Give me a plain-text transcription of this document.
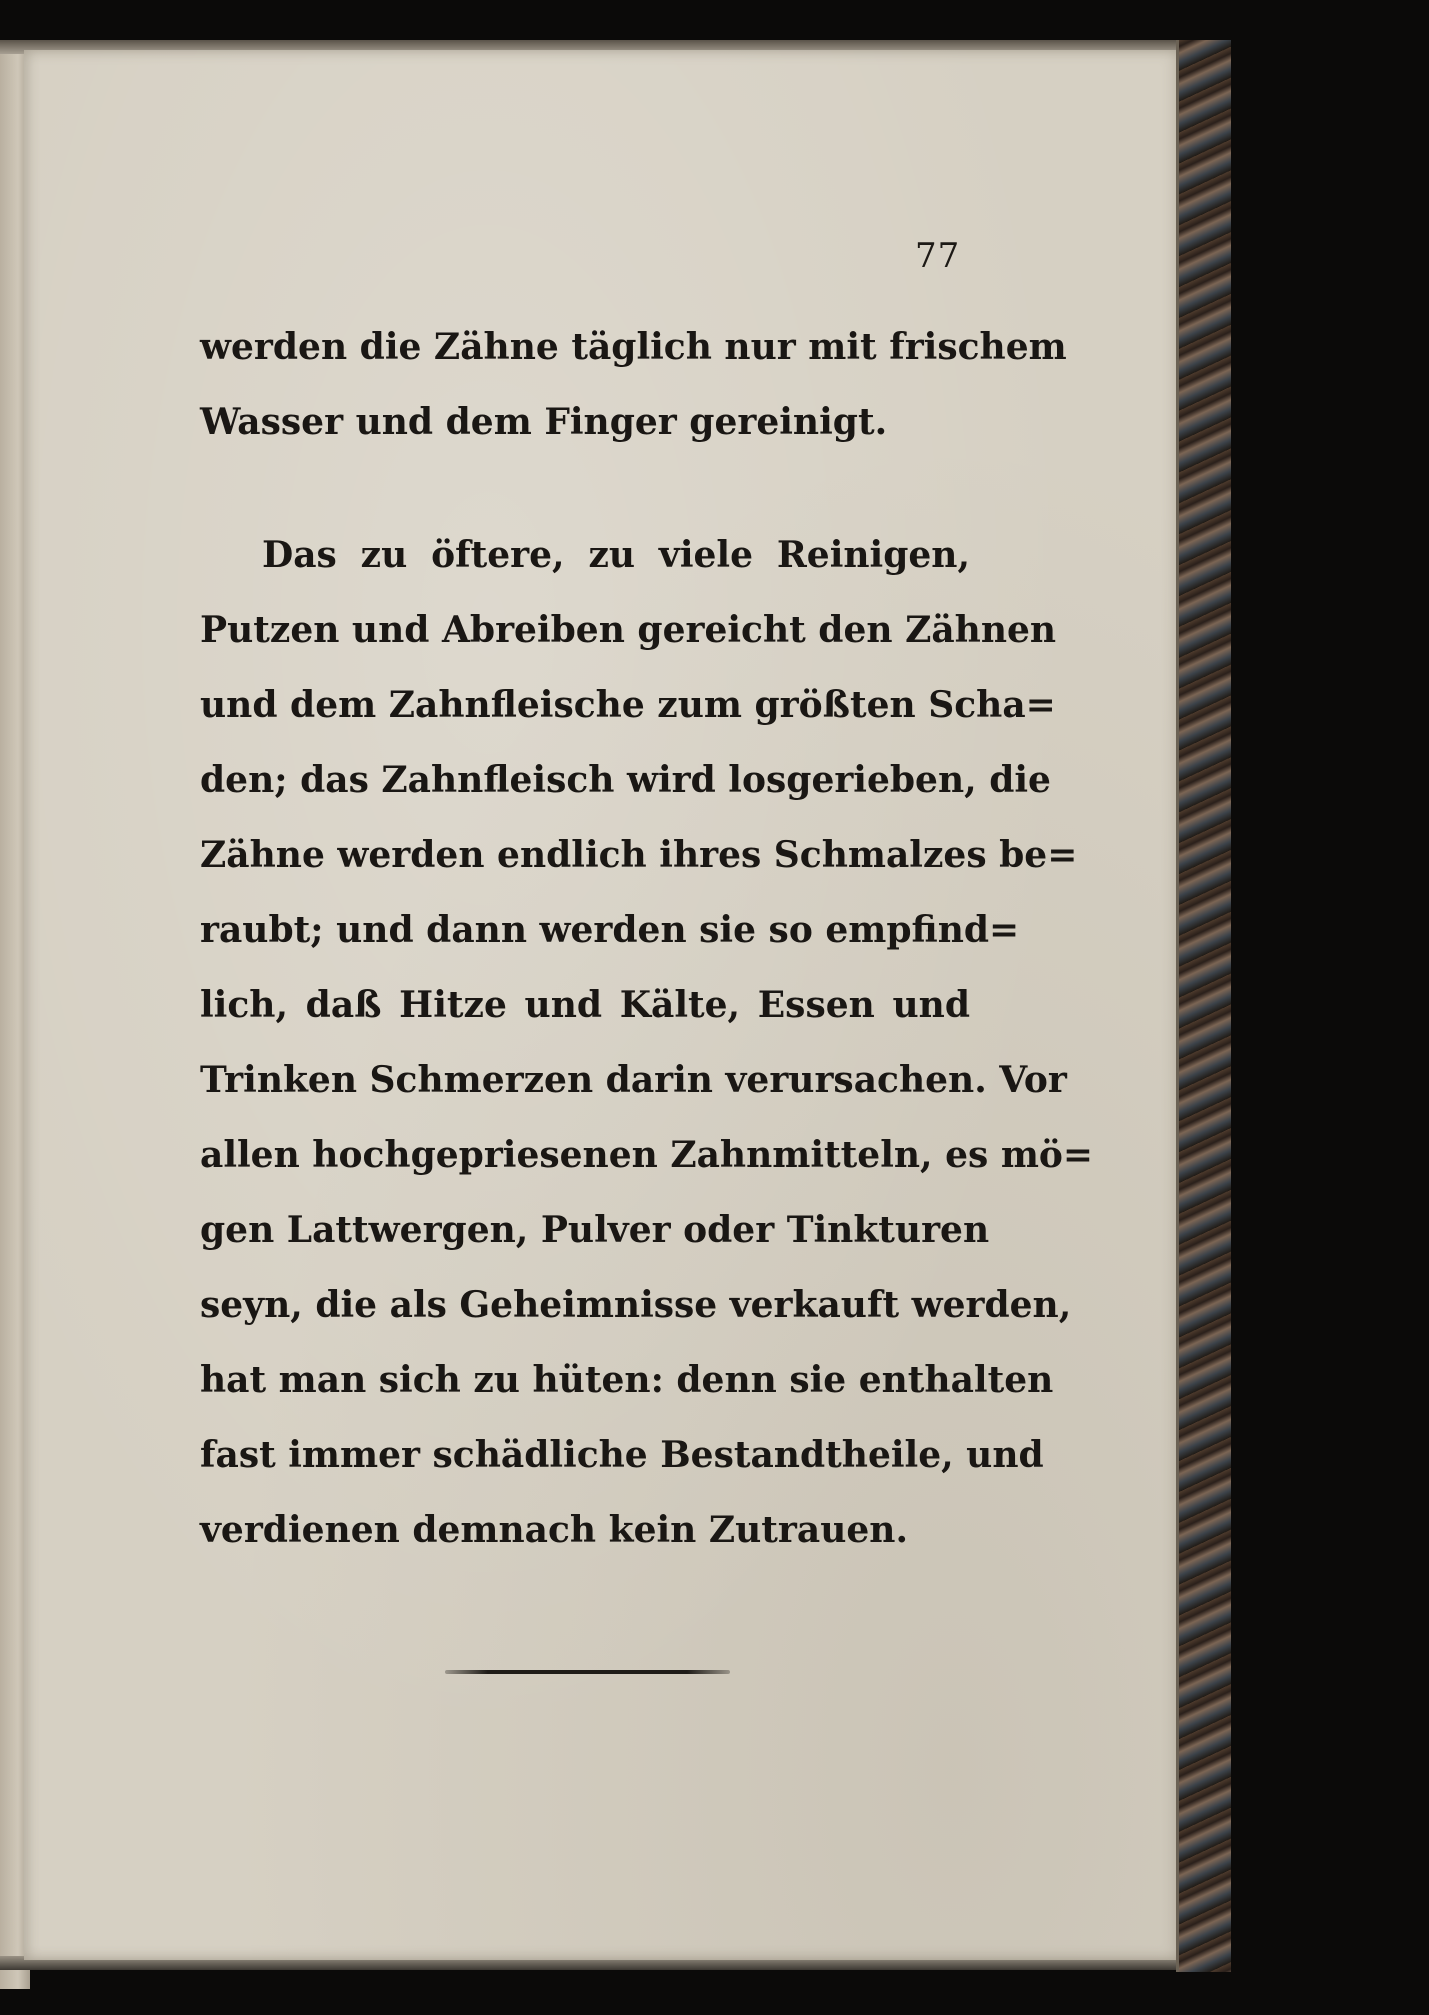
77
werden die Zähne täglich nur mit frischem
Wasser und dem Finger gereinigt.
Das zu öftere, zu viele Reinigen,
Putzen und Abreiben gereicht den Zähnen
und dem Zahnfleische zum größten Scha=
den; das Zahnfleisch wird losgerieben, die
Zähne werden endlich ihres Schmalzes be=
raubt; und dann werden sie so empfind=
lich, daß Hitze und Kälte, Essen und
Trinken Schmerzen darin verursachen. Vor
allen hochgepriesenen Zahnmitteln, es mö=
gen Lattwergen, Pulver oder Tinkturen
seyn, die als Geheimnisse verkauft werden,
hat man sich zu hüten: denn sie enthalten
fast immer schädliche Bestandtheile, und
verdienen demnach kein Zutrauen.
